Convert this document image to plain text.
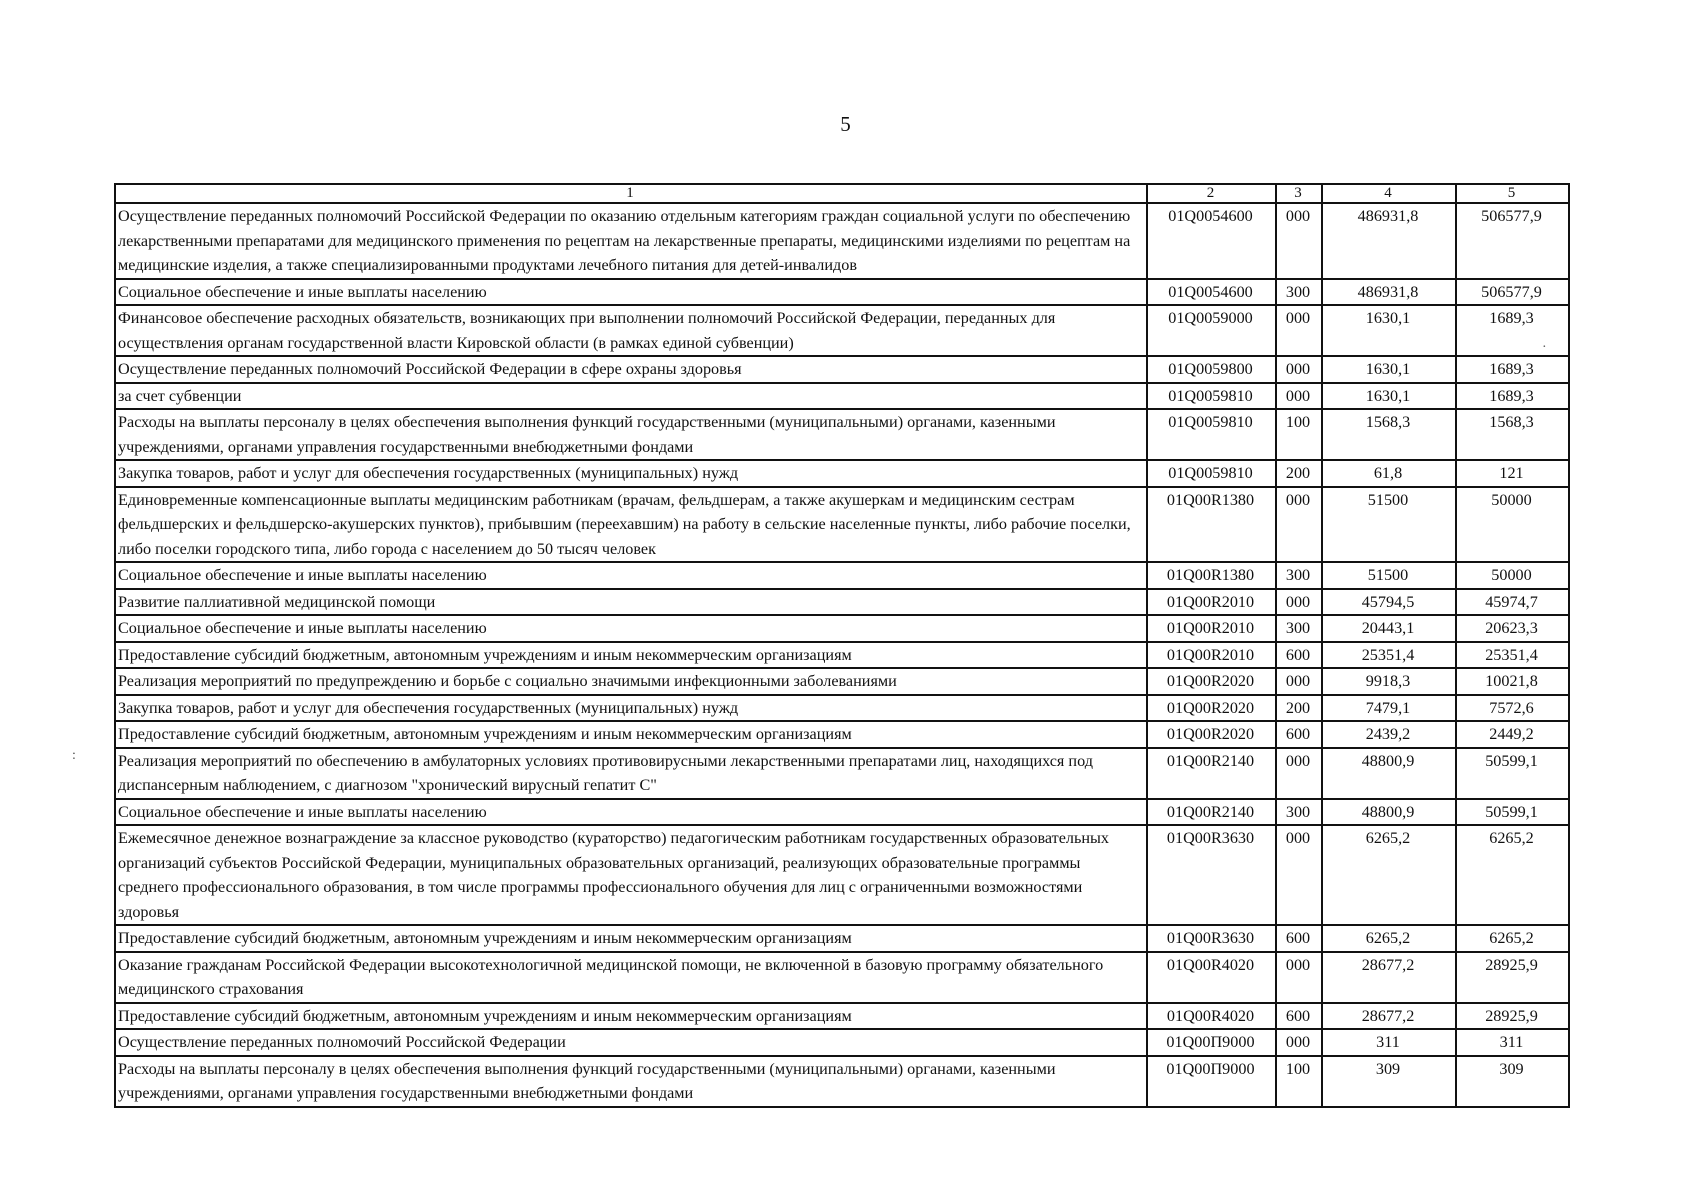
5
1	2	3	4	5
Осуществление переданных полномочий Российской Федерации по оказанию отдельным категориям граждан социальной услуги по обеспечению лекарственными препаратами для медицинского применения по рецептам на лекарственные препараты, медицинскими изделиями по рецептам на медицинские изделия, а также специализированными продуктами лечебного питания для детей-инвалидов	01Q0054600	000	486931,8	506577,9
Социальное обеспечение и иные выплаты населению	01Q0054600	300	486931,8	506577,9
Финансовое обеспечение расходных обязательств, возникающих при выполнении полномочий Российской Федерации, переданных для осуществления органам государственной власти Кировской области (в рамках единой субвенции)	01Q0059000	000	1630,1	1689,3
Осуществление переданных полномочий Российской Федерации в сфере охраны здоровья	01Q0059800	000	1630,1	1689,3
за счет субвенции	01Q0059810	000	1630,1	1689,3
Расходы на выплаты персоналу в целях обеспечения выполнения функций государственными (муниципальными) органами, казенными учреждениями, органами управления государственными внебюджетными фондами	01Q0059810	100	1568,3	1568,3
Закупка товаров, работ и услуг для обеспечения государственных (муниципальных) нужд	01Q0059810	200	61,8	121
Единовременные компенсационные выплаты медицинским работникам (врачам, фельдшерам, а также акушеркам и медицинским сестрам фельдшерских и фельдшерско-акушерских пунктов), прибывшим (переехавшим) на работу в сельские населенные пункты, либо рабочие поселки, либо поселки городского типа, либо города с населением до 50 тысяч человек	01Q00R1380	000	51500	50000
Социальное обеспечение и иные выплаты населению	01Q00R1380	300	51500	50000
Развитие паллиативной медицинской помощи	01Q00R2010	000	45794,5	45974,7
Социальное обеспечение и иные выплаты населению	01Q00R2010	300	20443,1	20623,3
Предоставление субсидий бюджетным, автономным учреждениям и иным некоммерческим организациям	01Q00R2010	600	25351,4	25351,4
Реализация мероприятий по предупреждению и борьбе с социально значимыми инфекционными заболеваниями	01Q00R2020	000	9918,3	10021,8
Закупка товаров, работ и услуг для обеспечения государственных (муниципальных) нужд	01Q00R2020	200	7479,1	7572,6
Предоставление субсидий бюджетным, автономным учреждениям и иным некоммерческим организациям	01Q00R2020	600	2439,2	2449,2
Реализация мероприятий по обеспечению в амбулаторных условиях противовирусными лекарственными препаратами лиц, находящихся под диспансерным наблюдением, с диагнозом "хронический вирусный гепатит С"	01Q00R2140	000	48800,9	50599,1
Социальное обеспечение и иные выплаты населению	01Q00R2140	300	48800,9	50599,1
Ежемесячное денежное вознаграждение за классное руководство (кураторство) педагогическим работникам государственных образовательных организаций субъектов Российской Федерации, муниципальных образовательных организаций, реализующих образовательные программы среднего профессионального образования, в том числе программы профессионального обучения для лиц с ограниченными возможностями здоровья	01Q00R3630	000	6265,2	6265,2
Предоставление субсидий бюджетным, автономным учреждениям и иным некоммерческим организациям	01Q00R3630	600	6265,2	6265,2
Оказание гражданам Российской Федерации высокотехнологичной медицинской помощи, не включенной в базовую программу обязательного медицинского страхования	01Q00R4020	000	28677,2	28925,9
Предоставление субсидий бюджетным, автономным учреждениям и иным некоммерческим организациям	01Q00R4020	600	28677,2	28925,9
Осуществление переданных полномочий Российской Федерации	01Q00П9000	000	311	311
Расходы на выплаты персоналу в целях обеспечения выполнения функций государственными (муниципальными) органами, казенными учреждениями, органами управления государственными внебюджетными фондами	01Q00П9000	100	309	309
·
:
